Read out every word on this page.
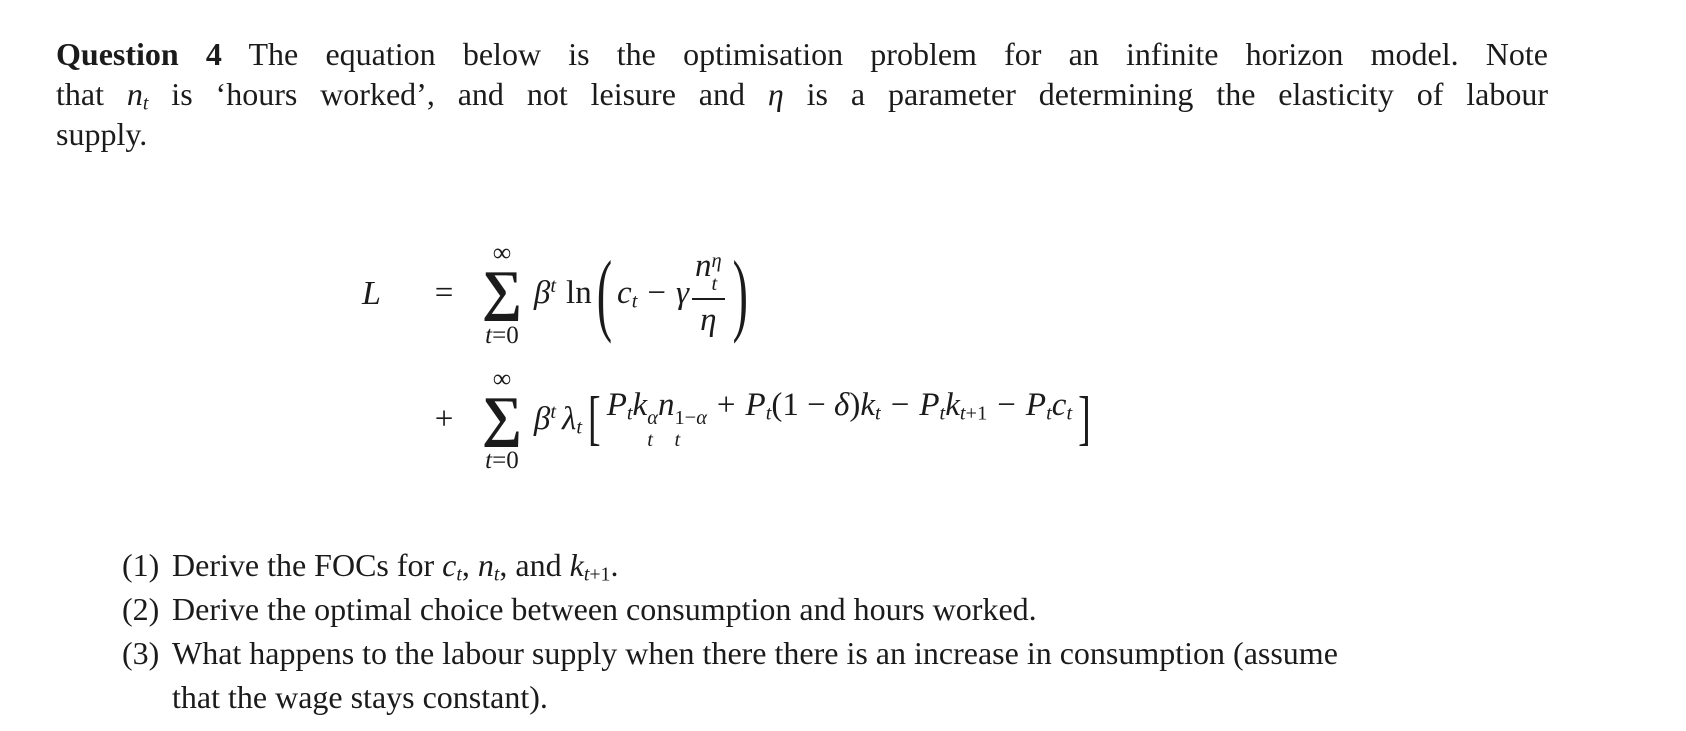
Question 4 The equation below is the optimisation problem for an infinite horizon model. Note
that $n_t$ is ‘hours worked’, and not leisure and η is a parameter determining the elasticity of labour
supply.
L	=
∞
∑
t=0
$\beta^t$ ln ( $c_t - \gamma$ n η
t
η )
+
∞
∑
t=0
$\beta^t$ $\lambda_t$ [ $P_tk$ α
t
n 1−α
t
+ $P_t(1 - \delta)k_t - P_tk_{t+1} - P_tc_t$ ]
(1) Derive the FOCs for $c_t$, $n_t$, and $k_{t+1}$.
(2) Derive the optimal choice between consumption and hours worked.
(3) What happens to the labour supply when there there is an increase in consumption (assume
that the wage stays constant).
